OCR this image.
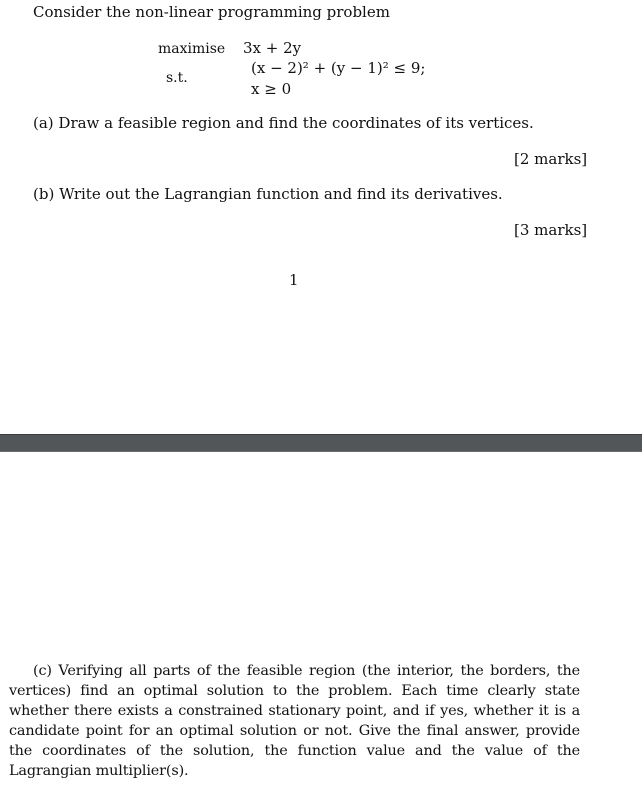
Consider the non-linear programming problem
maximise 3x + 2y
s.t.
(x − 2)² + (y − 1)² ≤ 9;
x ≥ 0
(a) Draw a feasible region and find the coordinates of its vertices.
[2 marks]
(b) Write out the Lagrangian function and find its derivatives.
[3 marks]
1
(c) Verifying all parts of the feasible region (the interior, the borders, the vertices) find an optimal solution to the problem. Each time clearly state whether there exists a constrained stationary point, and if yes, whether it is a candidate point for an optimal solution or not. Give the final answer, provide the coordinates of the solution, the function value and the value of the Lagrangian multiplier(s).
